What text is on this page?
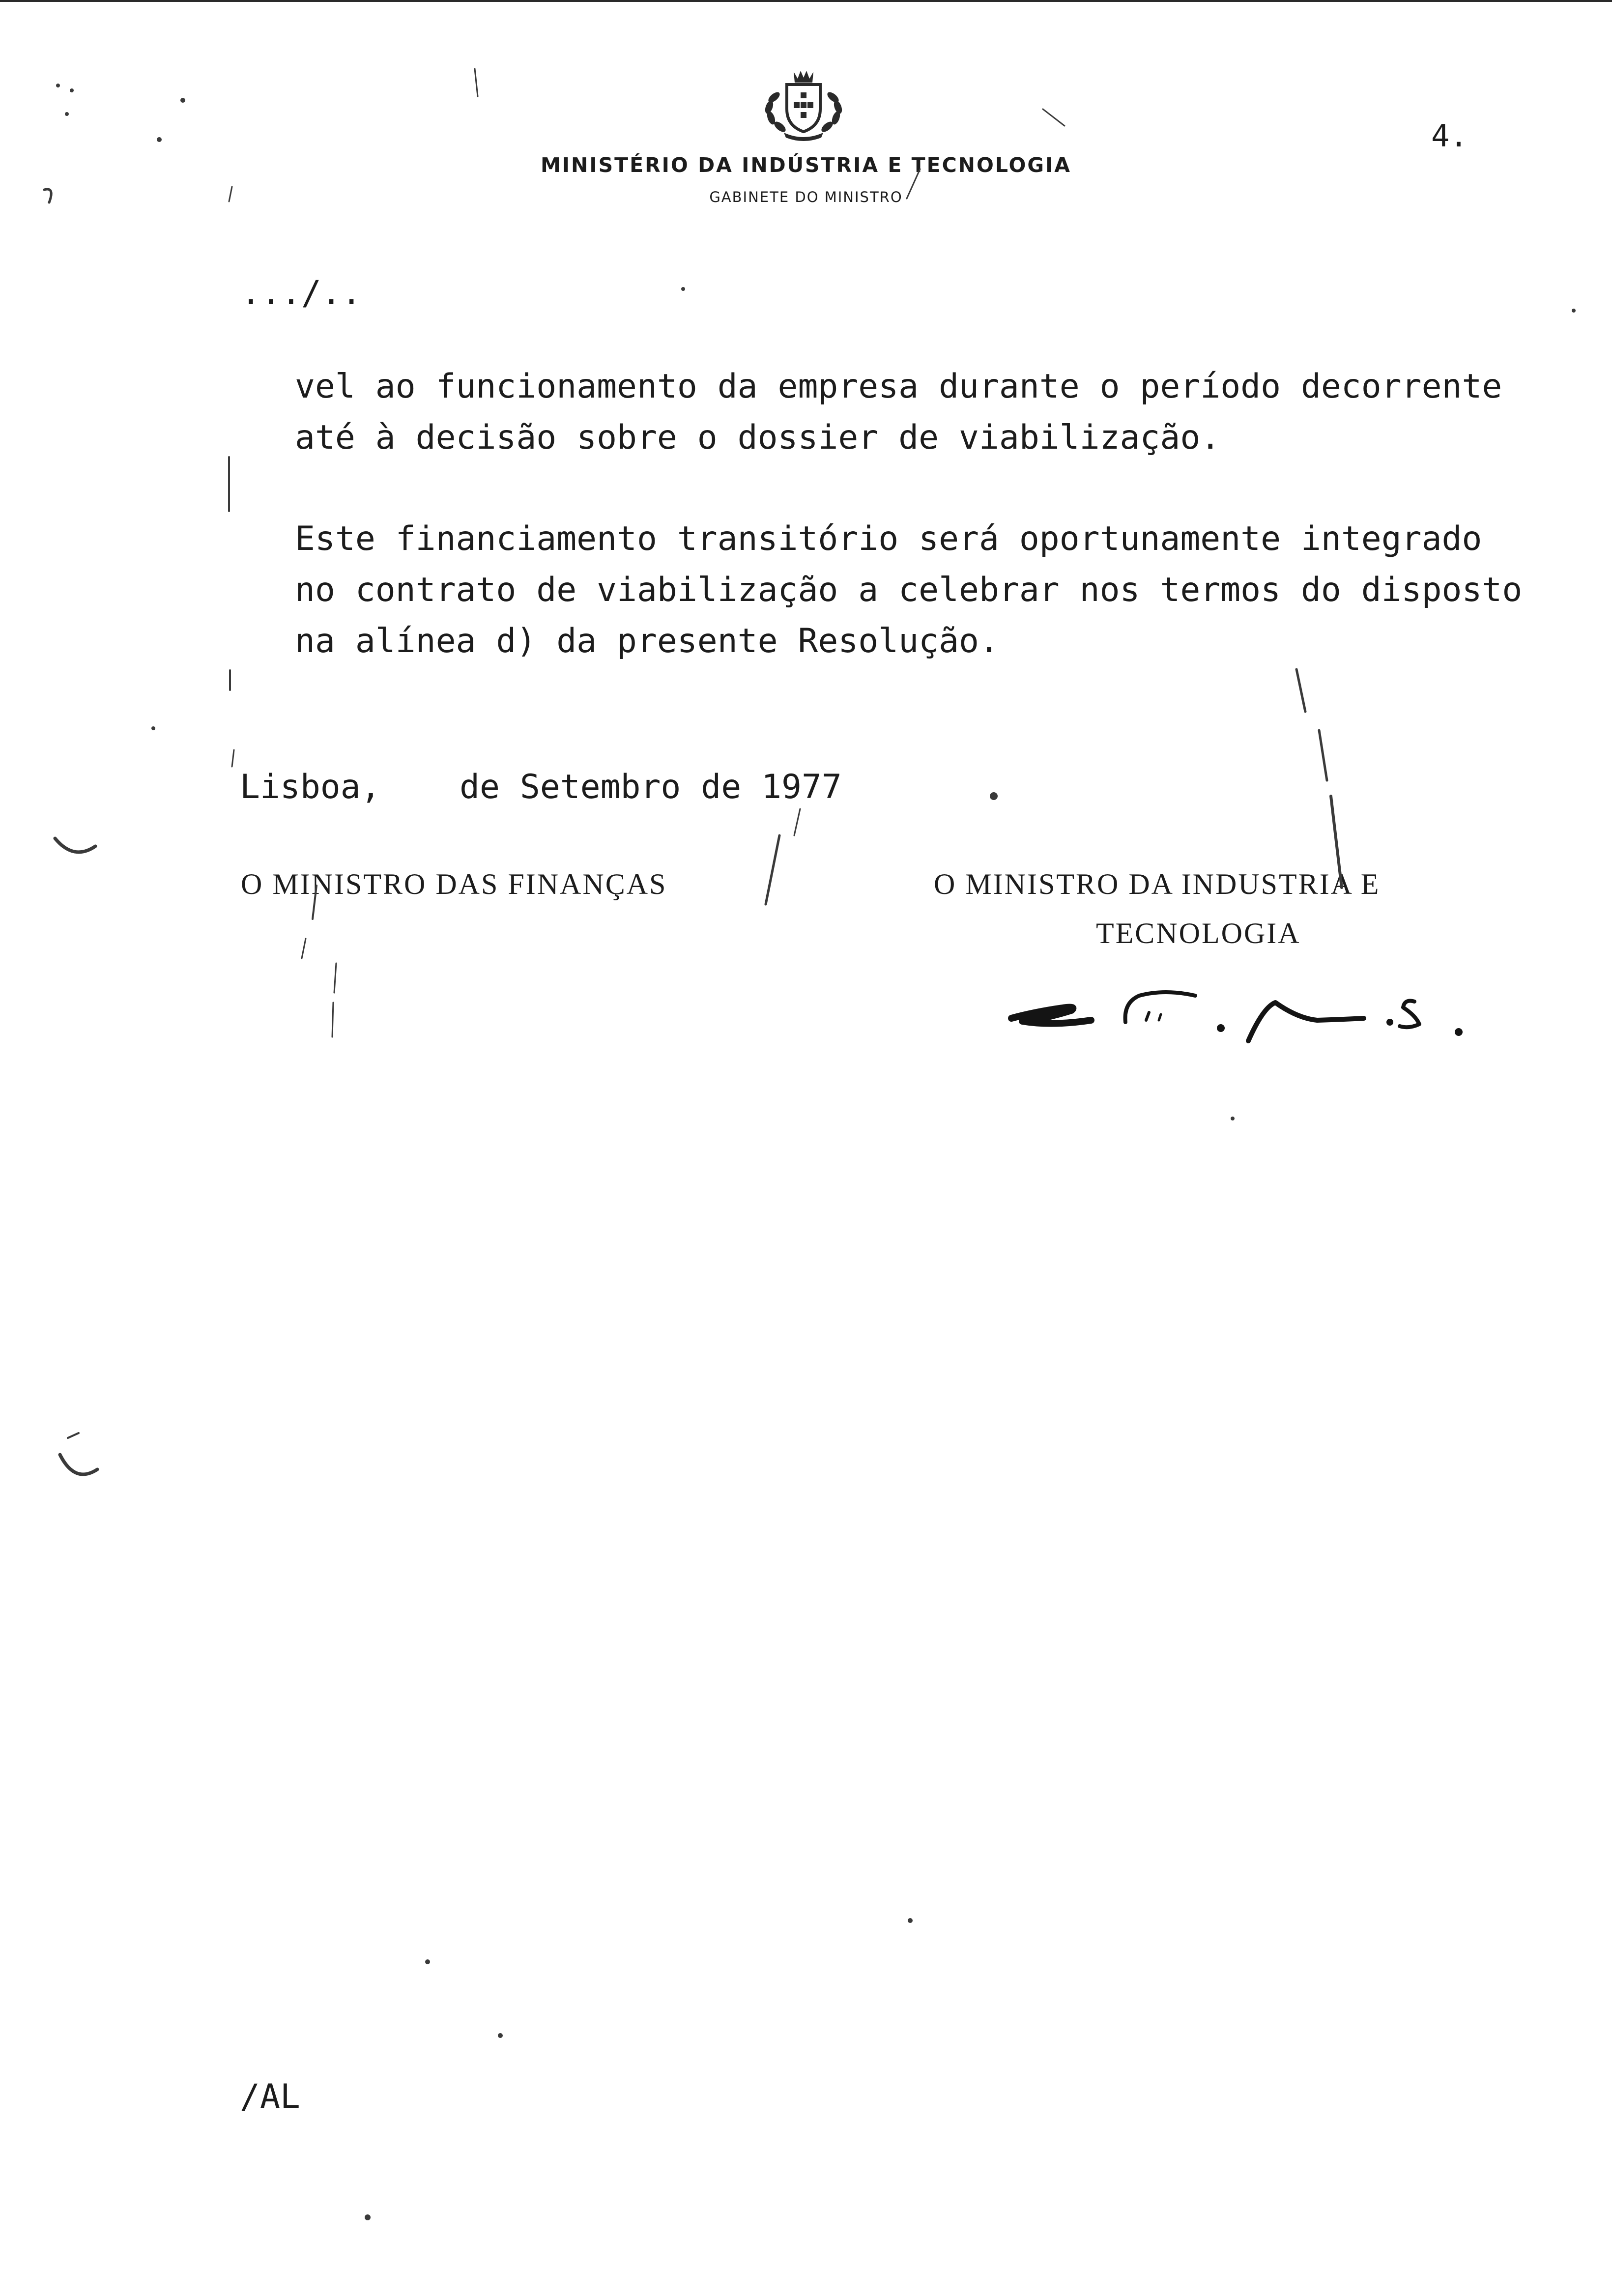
MINISTÉRIO DA INDÚSTRIA E TECNOLOGIA
GABINETE DO MINISTRO
4.
.../..
vel ao funcionamento da empresa durante o período decorrente
até à decisão sobre o dossier de viabilização.
Este financiamento transitório será oportunamente integrado
no contrato de viabilização a celebrar nos termos do disposto
na alínea d) da presente Resolução.
Lisboa, de Setembro de 1977
O MINISTRO DAS FINANÇAS	O MINISTRO DA INDUSTRIA E
TECNOLOGIA
/AL
